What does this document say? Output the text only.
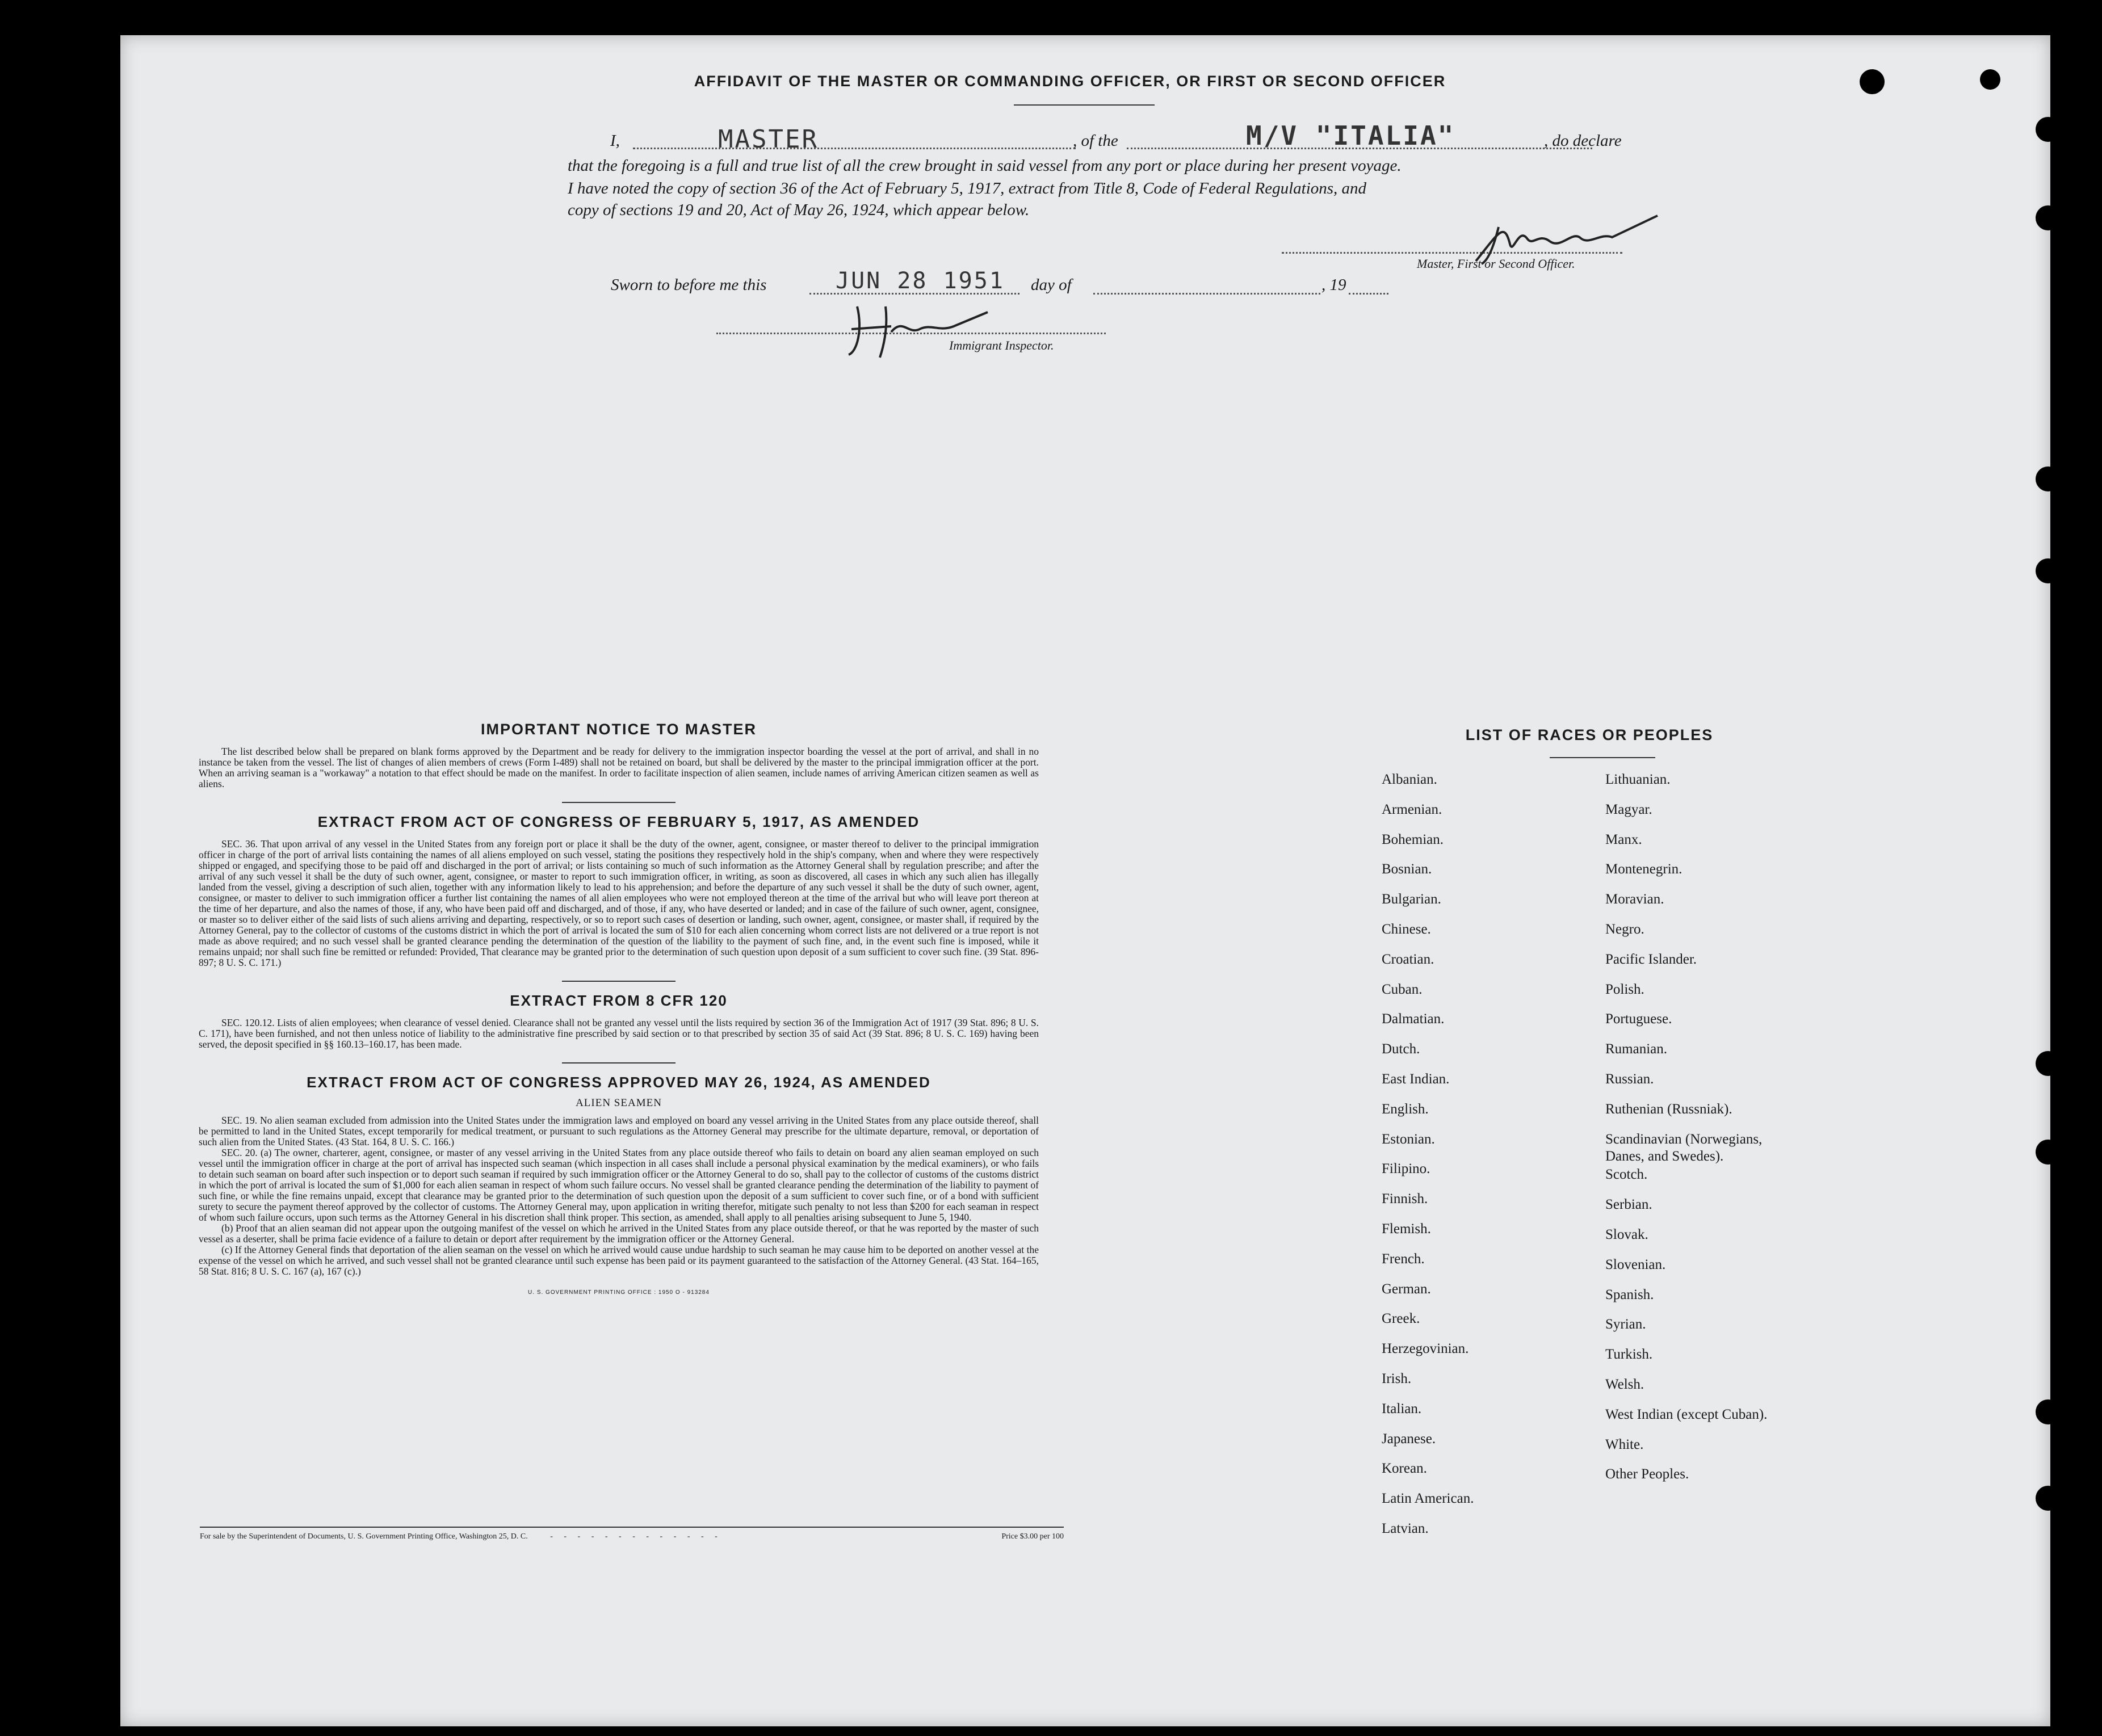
AFFIDAVIT OF THE MASTER OR COMMANDING OFFICER, OR FIRST OR SECOND OFFICER
I,	MASTER	, of the	M/V "ITALIA"	, do declare
that the foregoing is a full and true list of all the crew brought in said vessel from any port or place during her present voyage.
I have noted the copy of section 36 of the Act of February 5, 1917, extract from Title 8, Code of Federal Regulations, and
copy of sections 19 and 20, Act of May 26, 1924, which appear below.
Master, First or Second Officer.
Sworn to before me this	JUN 28 1951 day of	, 19
Immigrant Inspector.
IMPORTANT NOTICE TO MASTER
The list described below shall be prepared on blank forms approved by the Department and be ready for delivery to the immigration inspector boarding the vessel at the port of arrival, and shall in no instance be taken from the vessel. The list of changes of alien members of crews (Form I-489) shall not be retained on board, but shall be delivered by the master to the principal immigration officer at the port. When an arriving seaman is a "workaway" a notation to that effect should be made on the manifest. In order to facilitate inspection of alien seamen, include names of arriving American citizen seamen as well as aliens.
EXTRACT FROM ACT OF CONGRESS OF FEBRUARY 5, 1917, AS AMENDED
SEC. 36. That upon arrival of any vessel in the United States from any foreign port or place it shall be the duty of the owner, agent, consignee, or master thereof to deliver to the principal immigration officer in charge of the port of arrival lists containing the names of all aliens employed on such vessel, stating the positions they respectively hold in the ship's company, when and where they were respectively shipped or engaged, and specifying those to be paid off and discharged in the port of arrival; or lists containing so much of such information as the Attorney General shall by regulation prescribe; and after the arrival of any such vessel it shall be the duty of such owner, agent, consignee, or master to report to such immigration officer, in writing, as soon as discovered, all cases in which any such alien has illegally landed from the vessel, giving a description of such alien, together with any information likely to lead to his apprehension; and before the departure of any such vessel it shall be the duty of such owner, agent, consignee, or master to deliver to such immigration officer a further list containing the names of all alien employees who were not employed thereon at the time of the arrival but who will leave port thereon at the time of her departure, and also the names of those, if any, who have been paid off and discharged, and of those, if any, who have deserted or landed; and in case of the failure of such owner, agent, consignee, or master so to deliver either of the said lists of such aliens arriving and departing, respectively, or so to report such cases of desertion or landing, such owner, agent, consignee, or master shall, if required by the Attorney General, pay to the collector of customs of the customs district in which the port of arrival is located the sum of $10 for each alien concerning whom correct lists are not delivered or a true report is not made as above required; and no such vessel shall be granted clearance pending the determination of the question of the liability to the payment of such fine, and, in the event such fine is imposed, while it remains unpaid; nor shall such fine be remitted or refunded: Provided, That clearance may be granted prior to the determination of such question upon deposit of a sum sufficient to cover such fine. (39 Stat. 896-897; 8 U. S. C. 171.)
EXTRACT FROM 8 CFR 120
SEC. 120.12. Lists of alien employees; when clearance of vessel denied. Clearance shall not be granted any vessel until the lists required by section 36 of the Immigration Act of 1917 (39 Stat. 896; 8 U. S. C. 171), have been furnished, and not then unless notice of liability to the administrative fine prescribed by said section or to that prescribed by section 35 of said Act (39 Stat. 896; 8 U. S. C. 169) having been served, the deposit specified in §§ 160.13–160.17, has been made.
EXTRACT FROM ACT OF CONGRESS APPROVED MAY 26, 1924, AS AMENDED
ALIEN SEAMEN
SEC. 19. No alien seaman excluded from admission into the United States under the immigration laws and employed on board any vessel arriving in the United States from any place outside thereof, shall be permitted to land in the United States, except temporarily for medical treatment, or pursuant to such regulations as the Attorney General may prescribe for the ultimate departure, removal, or deportation of such alien from the United States. (43 Stat. 164, 8 U. S. C. 166.)
SEC. 20. (a) The owner, charterer, agent, consignee, or master of any vessel arriving in the United States from any place outside thereof who fails to detain on board any alien seaman employed on such vessel until the immigration officer in charge at the port of arrival has inspected such seaman (which inspection in all cases shall include a personal physical examination by the medical examiners), or who fails to detain such seaman on board after such inspection or to deport such seaman if required by such immigration officer or the Attorney General to do so, shall pay to the collector of customs of the customs district in which the port of arrival is located the sum of $1,000 for each alien seaman in respect of whom such failure occurs. No vessel shall be granted clearance pending the determination of the liability to payment of such fine, or while the fine remains unpaid, except that clearance may be granted prior to the determination of such question upon the deposit of a sum sufficient to cover such fine, or of a bond with sufficient surety to secure the payment thereof approved by the collector of customs. The Attorney General may, upon application in writing therefor, mitigate such penalty to not less than $200 for each seaman in respect of whom such failure occurs, upon such terms as the Attorney General in his discretion shall think proper. This section, as amended, shall apply to all penalties arising subsequent to June 5, 1940.
(b) Proof that an alien seaman did not appear upon the outgoing manifest of the vessel on which he arrived in the United States from any place outside thereof, or that he was reported by the master of such vessel as a deserter, shall be prima facie evidence of a failure to detain or deport after requirement by the immigration officer or the Attorney General.
(c) If the Attorney General finds that deportation of the alien seaman on the vessel on which he arrived would cause undue hardship to such seaman he may cause him to be deported on another vessel at the expense of the vessel on which he arrived, and such vessel shall not be granted clearance until such expense has been paid or its payment guaranteed to the satisfaction of the Attorney General. (43 Stat. 164–165, 58 Stat. 816; 8 U. S. C. 167 (a), 167 (c).)
U. S. GOVERNMENT PRINTING OFFICE : 1950 O - 913284
For sale by the Superintendent of Documents, U. S. Government Printing Office, Washington 25, D. C.	- - - - - - - - - - - - -	Price $3.00 per 100
LIST OF RACES OR PEOPLES
Albanian.
Armenian.
Bohemian.
Bosnian.
Bulgarian.
Chinese.
Croatian.
Cuban.
Dalmatian.
Dutch.
East Indian.
English.
Estonian.
Filipino.
Finnish.
Flemish.
French.
German.
Greek.
Herzegovinian.
Irish.
Italian.
Japanese.
Korean.
Latin American.
Latvian.
Lithuanian.
Magyar.
Manx.
Montenegrin.
Moravian.
Negro.
Pacific Islander.
Polish.
Portuguese.
Rumanian.
Russian.
Ruthenian (Russniak).
Scandinavian (Norwegians,
Danes, and Swedes).
Scotch.
Serbian.
Slovak.
Slovenian.
Spanish.
Syrian.
Turkish.
Welsh.
West Indian (except Cuban).
White.
Other Peoples.
